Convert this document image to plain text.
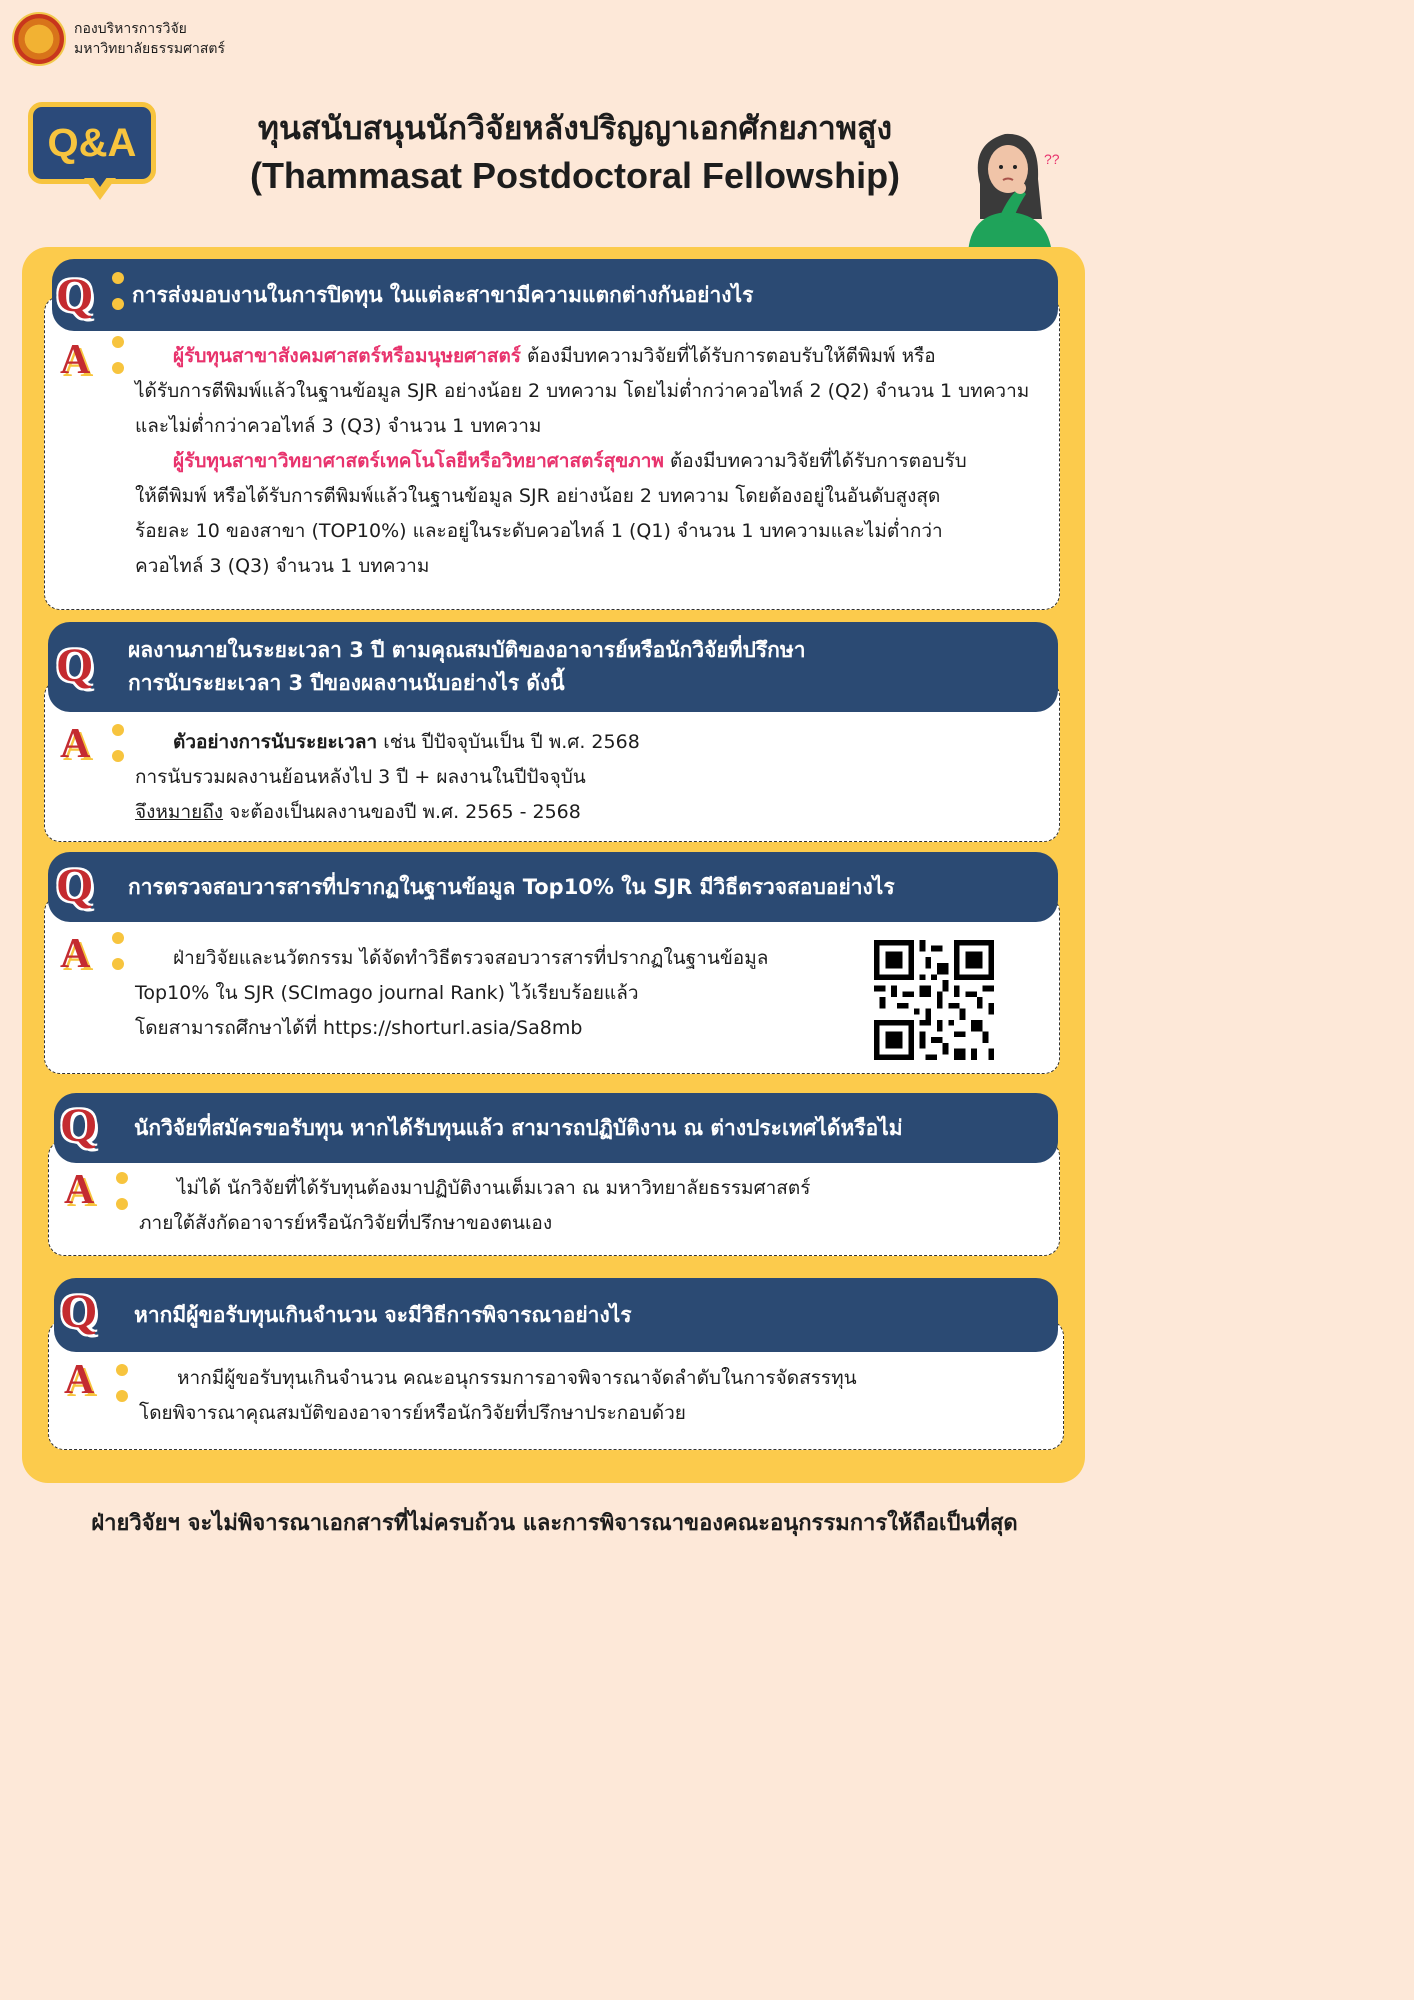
กองบริหารการวิจัย
มหาวิทยาลัยธรรมศาสตร์
Q&A	ทุนสนับสนุนนักวิจัยหลังปริญญาเอกศักยภาพสูง
(Thammasat Postdoctoral Fellowship)	??
ผู้รับทุนสาขาสังคมศาสตร์หรือมนุษยศาสตร์ ต้องมีบทความวิจัยที่ได้รับการตอบรับให้ตีพิมพ์ หรือ
ได้รับการตีพิมพ์แล้วในฐานข้อมูล SJR อย่างน้อย 2 บทความ โดยไม่ต่ำกว่าควอไทล์ 2 (Q2) จำนวน 1 บทความ
และไม่ต่ำกว่าควอไทล์ 3 (Q3) จำนวน 1 บทความ
ผู้รับทุนสาขาวิทยาศาสตร์เทคโนโลยีหรือวิทยาศาสตร์สุขภาพ ต้องมีบทความวิจัยที่ได้รับการตอบรับ
ให้ตีพิมพ์ หรือได้รับการตีพิมพ์แล้วในฐานข้อมูล SJR อย่างน้อย 2 บทความ โดยต้องอยู่ในอันดับสูงสุด
ร้อยละ 10 ของสาขา (TOP10%) และอยู่ในระดับควอไทล์ 1 (Q1) จำนวน 1 บทความและไม่ต่ำกว่า
ควอไทล์ 3 (Q3) จำนวน 1 บทความ
การส่งมอบงานในการปิดทุน ในแต่ละสาขามีความแตกต่างกันอย่างไร
Q
A
ตัวอย่างการนับระยะเวลา เช่น ปีปัจจุบันเป็น ปี พ.ศ. 2568
การนับรวมผลงานย้อนหลังไป 3 ปี + ผลงานในปีปัจจุบัน
จึงหมายถึง จะต้องเป็นผลงานของปี พ.ศ. 2565 - 2568
ผลงานภายในระยะเวลา 3 ปี ตามคุณสมบัติของอาจารย์หรือนักวิจัยที่ปรึกษา
การนับระยะเวลา 3 ปีของผลงานนับอย่างไร ดังนี้
Q
A
ฝ่ายวิจัยและนวัตกรรม ได้จัดทำวิธีตรวจสอบวารสารที่ปรากฏในฐานข้อมูล
Top10% ใน SJR (SCImago journal Rank) ไว้เรียบร้อยแล้ว
โดยสามารถศึกษาได้ที่ https://shorturl.asia/Sa8mb
การตรวจสอบวารสารที่ปรากฏในฐานข้อมูล Top10% ใน SJR มีวิธีตรวจสอบอย่างไร
Q
A
ไม่ได้ นักวิจัยที่ได้รับทุนต้องมาปฏิบัติงานเต็มเวลา ณ มหาวิทยาลัยธรรมศาสตร์
ภายใต้สังกัดอาจารย์หรือนักวิจัยที่ปรึกษาของตนเอง
นักวิจัยที่สมัครขอรับทุน หากได้รับทุนแล้ว สามารถปฏิบัติงาน ณ ต่างประเทศได้หรือไม่
Q
A
หากมีผู้ขอรับทุนเกินจำนวน คณะอนุกรรมการอาจพิจารณาจัดลำดับในการจัดสรรทุน
โดยพิจารณาคุณสมบัติของอาจารย์หรือนักวิจัยที่ปรึกษาประกอบด้วย
หากมีผู้ขอรับทุนเกินจำนวน จะมีวิธีการพิจารณาอย่างไร
Q
A
ฝ่ายวิจัยฯ จะไม่พิจารณาเอกสารที่ไม่ครบถ้วน และการพิจารณาของคณะอนุกรรมการให้ถือเป็นที่สุด
